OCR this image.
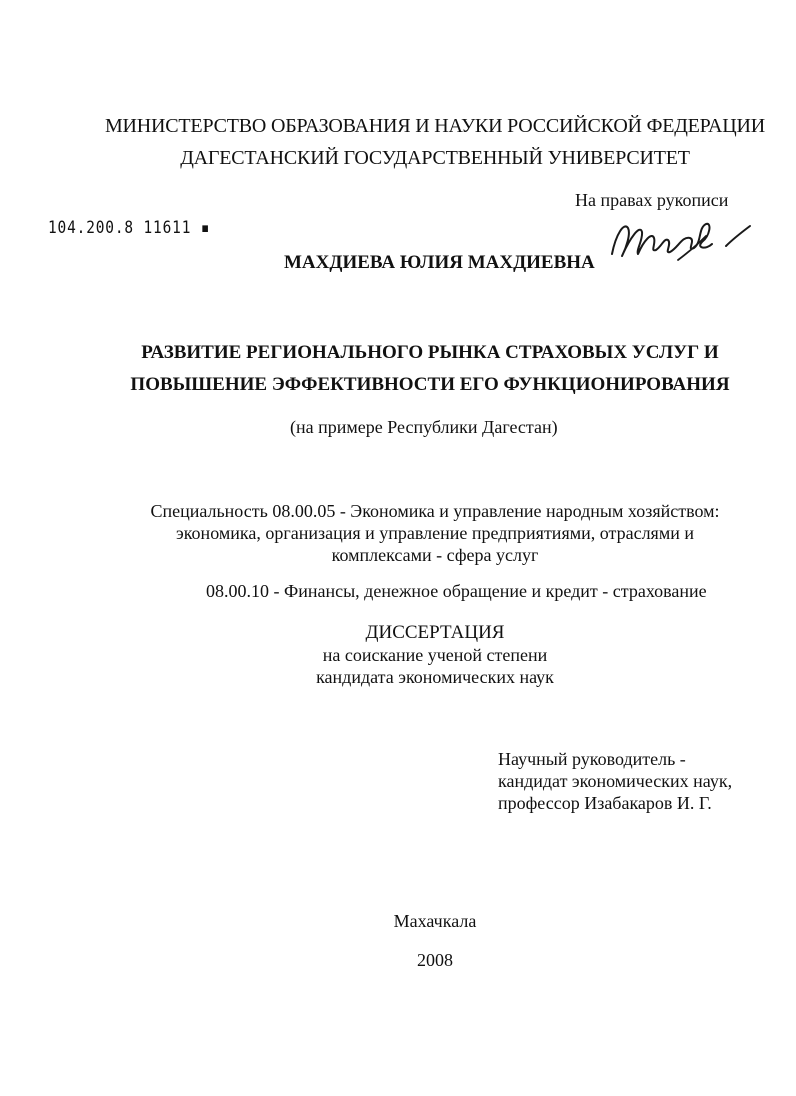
МИНИСТЕРСТВО ОБРАЗОВАНИЯ И НАУКИ РОССИЙСКОЙ ФЕДЕРАЦИИ
ДАГЕСТАНСКИЙ ГОСУДАРСТВЕННЫЙ УНИВЕРСИТЕТ
На правах рукописи
104.200.8 11611 ▪
МАХДИЕВА ЮЛИЯ МАХДИЕВНА
РАЗВИТИЕ РЕГИОНАЛЬНОГО РЫНКА СТРАХОВЫХ УСЛУГ И
ПОВЫШЕНИЕ ЭФФЕКТИВНОСТИ ЕГО ФУНКЦИОНИРОВАНИЯ
(на примере Республики Дагестан)
Специальность 08.00.05 - Экономика и управление народным хозяйством:
экономика, организация и управление предприятиями, отраслями и
комплексами - сфера услуг
08.00.10 - Финансы, денежное обращение и кредит - страхование
ДИССЕРТАЦИЯ
на соискание ученой степени
кандидата экономических наук
Научный руководитель -
кандидат экономических наук,
профессор Изабакаров И. Г.
Махачкала
2008
